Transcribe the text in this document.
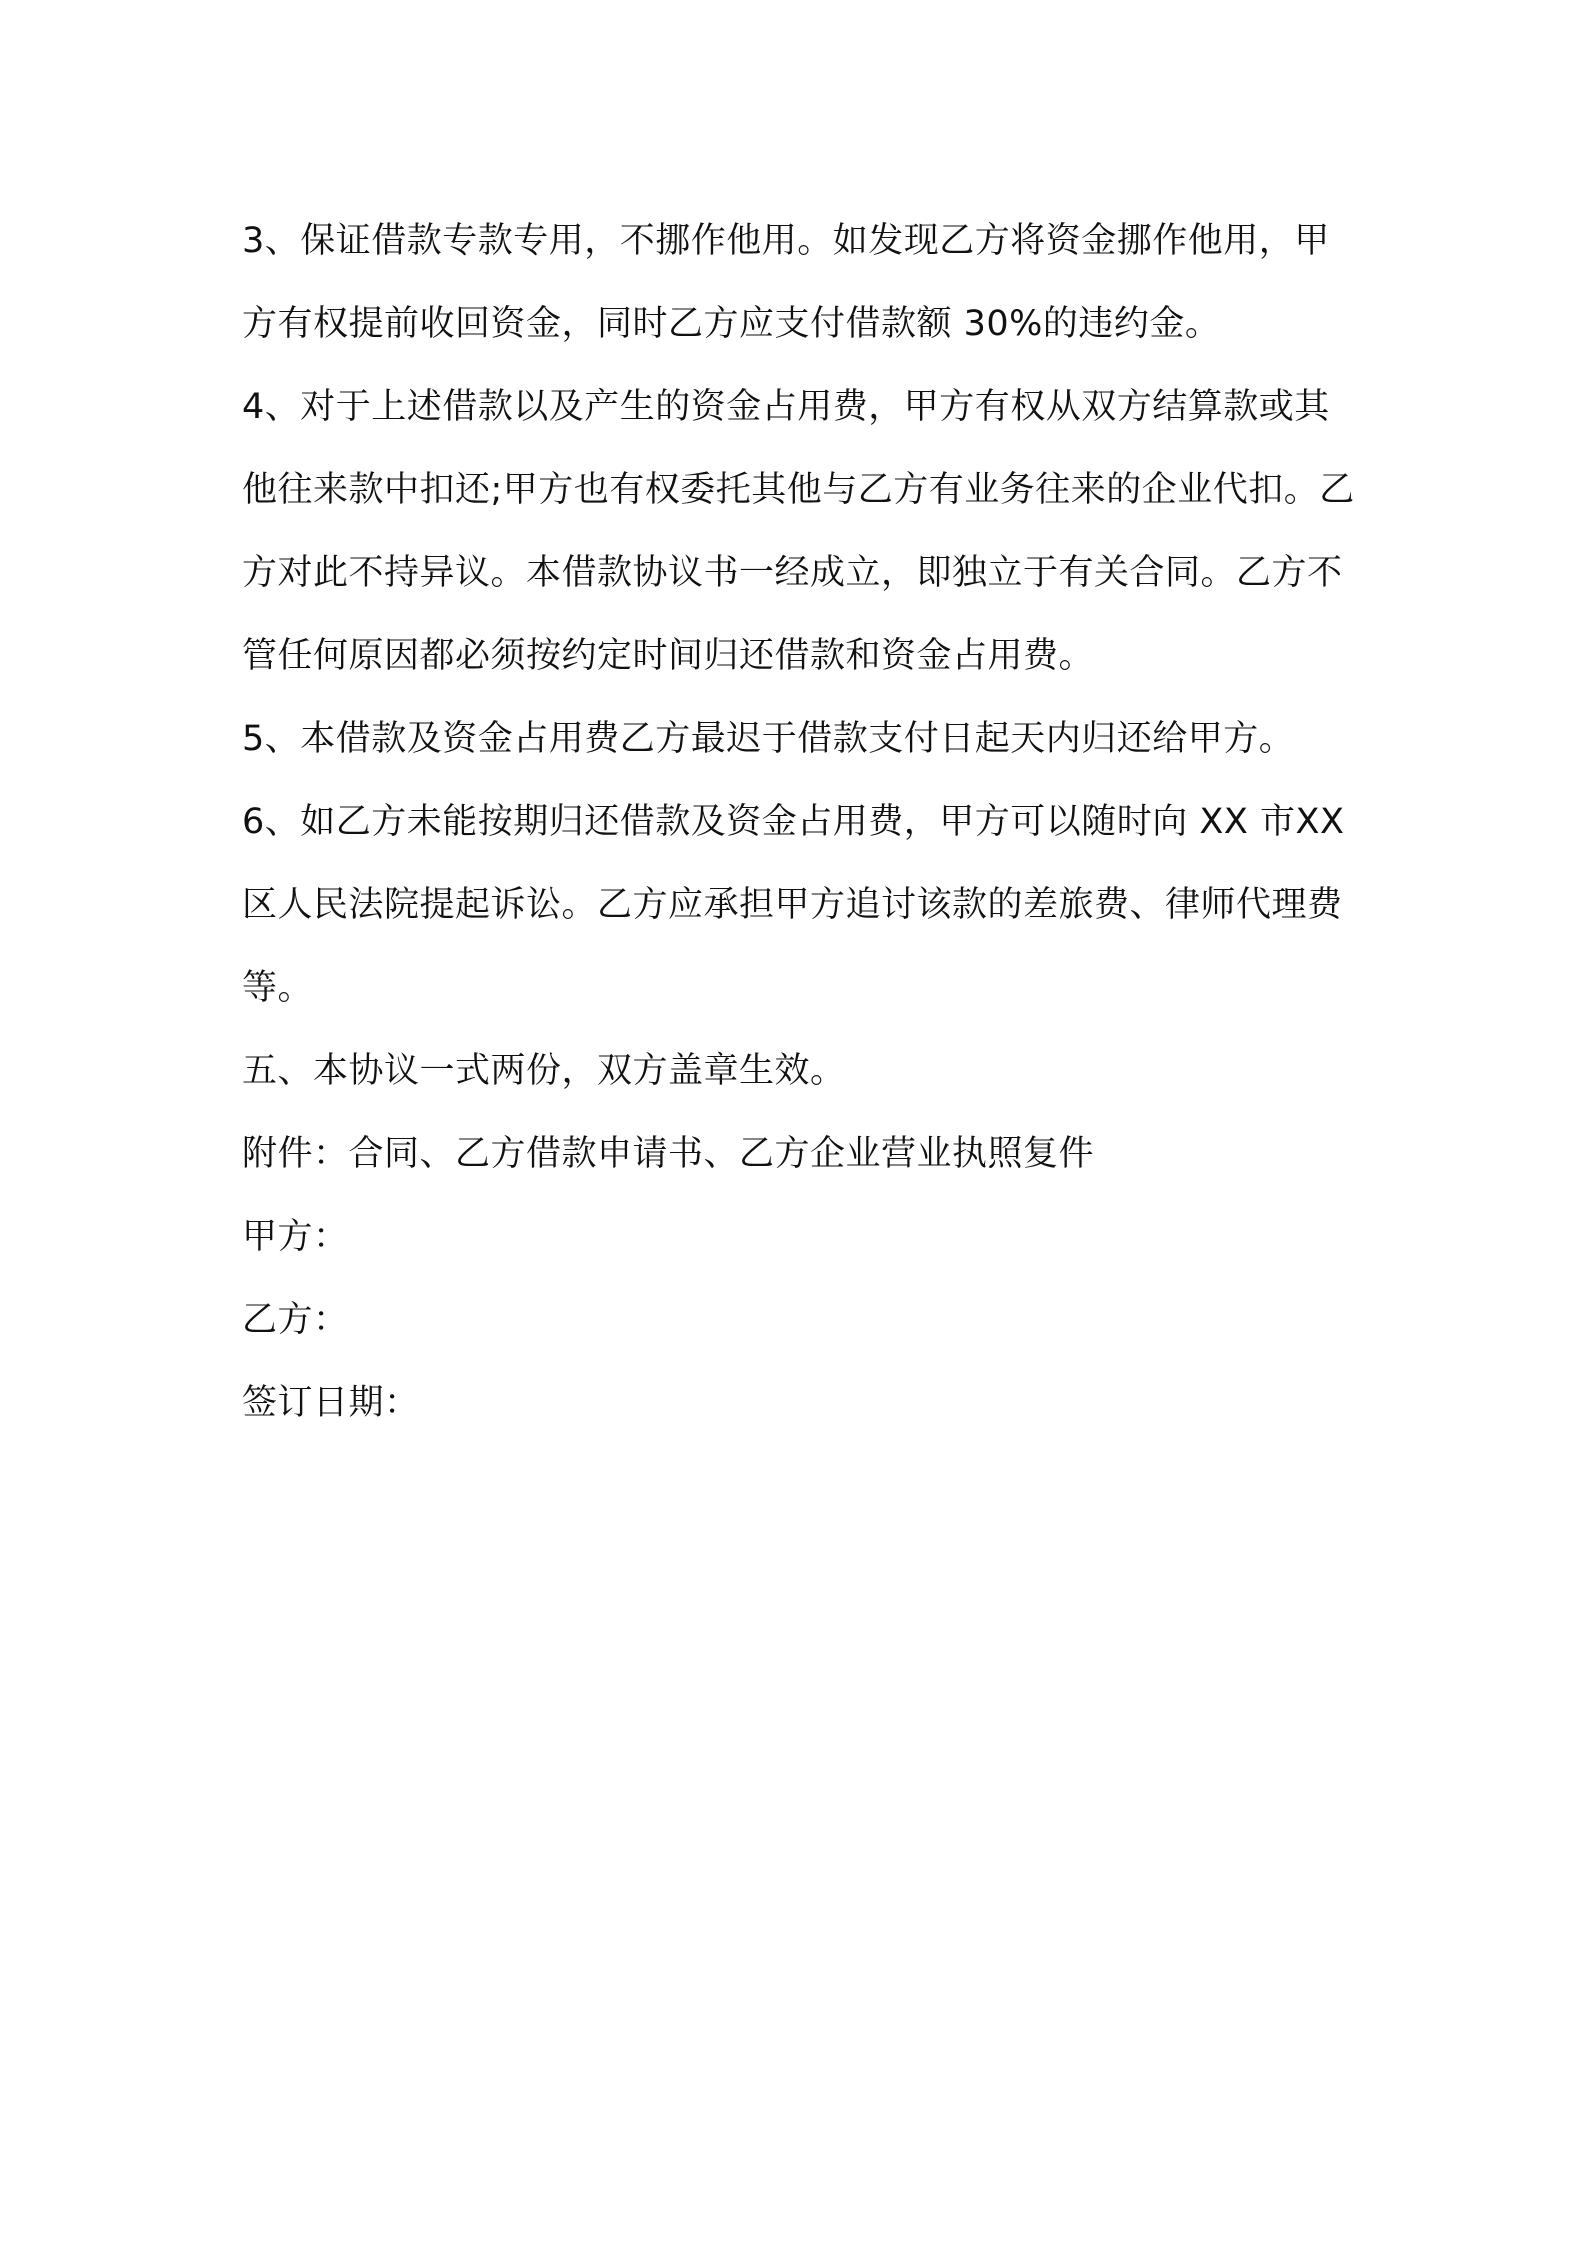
3、保证借款专款专用，不挪作他用。如发现乙方将资金挪作他用，甲方有权提前收回资金，同时乙方应支付借款额 30%的违约金。

4、对于上述借款以及产生的资金占用费，甲方有权从双方结算款或其他往来款中扣还;甲方也有权委托其他与乙方有业务往来的企业代扣。乙方对此不持异议。本借款协议书一经成立，即独立于有关合同。乙方不管任何原因都必须按约定时间归还借款和资金占用费。

5、本借款及资金占用费乙方最迟于借款支付日起天内归还给甲方。

6、如乙方未能按期归还借款及资金占用费，甲方可以随时向 XX 市XX 区人民法院提起诉讼。乙方应承担甲方追讨该款的差旅费、律师代理费等。

五、本协议一式两份，双方盖章生效。

附件：合同、乙方借款申请书、乙方企业营业执照复件

甲方：

乙方：

签订日期：
